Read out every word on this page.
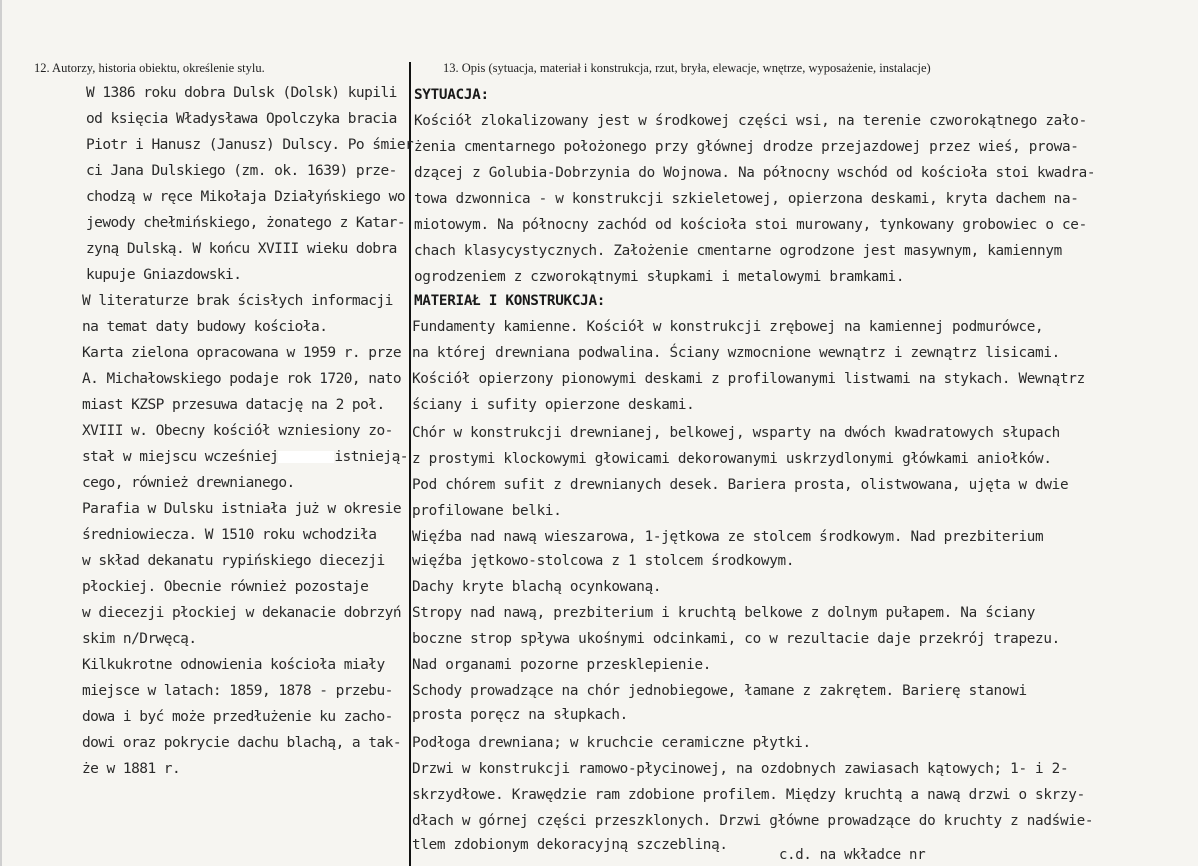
12. Autorzy, historia obiektu, określenie stylu.	13. Opis (sytuacja, materiał i konstrukcja, rzut, bryła, elewacje, wnętrze, wyposażenie, instalacje)
W 1386 roku dobra Dulsk (Dolsk) kupili
od księcia Władysława Opolczyka bracia
Piotr i Hanusz (Janusz) Dulscy. Po śmier
ci Jana Dulskiego (zm. ok. 1639) prze-
chodzą w ręce Mikołaja Działyńskiego wo
jewody chełmińskiego, żonatego z Katar-
zyną Dulską. W końcu XVIII wieku dobra
kupuje Gniazdowski.
W literaturze brak ścisłych informacji
na temat daty budowy kościoła.
Karta zielona opracowana w 1959 r. prze
A. Michałowskiego podaje rok 1720, nato
miast KZSP przesuwa datację na 2 poł.
XVIII w. Obecny kościół wzniesiony zo-
stał w miejscu wcześniej	istnieją-
cego, również drewnianego.
Parafia w Dulsku istniała już w okresie
średniowiecza. W 1510 roku wchodziła
w skład dekanatu rypińskiego diecezji
płockiej. Obecnie również pozostaje
w diecezji płockiej w dekanacie dobrzyń
skim n/Drwęcą.
Kilkukrotne odnowienia kościoła miały
miejsce w latach: 1859, 1878 - przebu-
dowa i być może przedłużenie ku zacho-
dowi oraz pokrycie dachu blachą, a tak-
że w 1881 r.
SYTUACJA:
Kościół zlokalizowany jest w środkowej części wsi, na terenie czworokątnego zało-
żenia cmentarnego położonego przy głównej drodze przejazdowej przez wieś, prowa-
dzącej z Golubia-Dobrzynia do Wojnowa. Na północny wschód od kościoła stoi kwadra-
towa dzwonnica - w konstrukcji szkieletowej, opierzona deskami, kryta dachem na-
miotowym. Na północny zachód od kościoła stoi murowany, tynkowany grobowiec o ce-
chach klasycystycznych. Założenie cmentarne ogrodzone jest masywnym, kamiennym
ogrodzeniem z czworokątnymi słupkami i metalowymi bramkami.
MATERIAŁ I KONSTRUKCJA:
Fundamenty kamienne. Kościół w konstrukcji zrębowej na kamiennej podmurówce,
na której drewniana podwalina. Ściany wzmocnione wewnątrz i zewnątrz lisicami.
Kościół opierzony pionowymi deskami z profilowanymi listwami na stykach. Wewnątrz
ściany i sufity opierzone deskami.
Chór w konstrukcji drewnianej, belkowej, wsparty na dwóch kwadratowych słupach
z prostymi klockowymi głowicami dekorowanymi uskrzydlonymi główkami aniołków.
Pod chórem sufit z drewnianych desek. Bariera prosta, olistwowana, ujęta w dwie
profilowane belki.
Więźba nad nawą wieszarowa, 1-jętkowa ze stolcem środkowym. Nad prezbiterium
więźba jętkowo-stolcowa z 1 stolcem środkowym.
Dachy kryte blachą ocynkowaną.
Stropy nad nawą, prezbiterium i kruchtą belkowe z dolnym pułapem. Na ściany
boczne strop spływa ukośnymi odcinkami, co w rezultacie daje przekrój trapezu.
Nad organami pozorne przesklepienie.
Schody prowadzące na chór jednobiegowe, łamane z zakrętem. Barierę stanowi
prosta poręcz na słupkach.
Podłoga drewniana; w kruchcie ceramiczne płytki.
Drzwi w konstrukcji ramowo-płycinowej, na ozdobnych zawiasach kątowych; 1- i 2-
skrzydłowe. Krawędzie ram zdobione profilem. Między kruchtą a nawą drzwi o skrzy-
dłach w górnej części przeszklonych. Drzwi główne prowadzące do kruchty z nadświe-
tlem zdobionym dekoracyjną szczebliną.
c.d. na wkładce nr
